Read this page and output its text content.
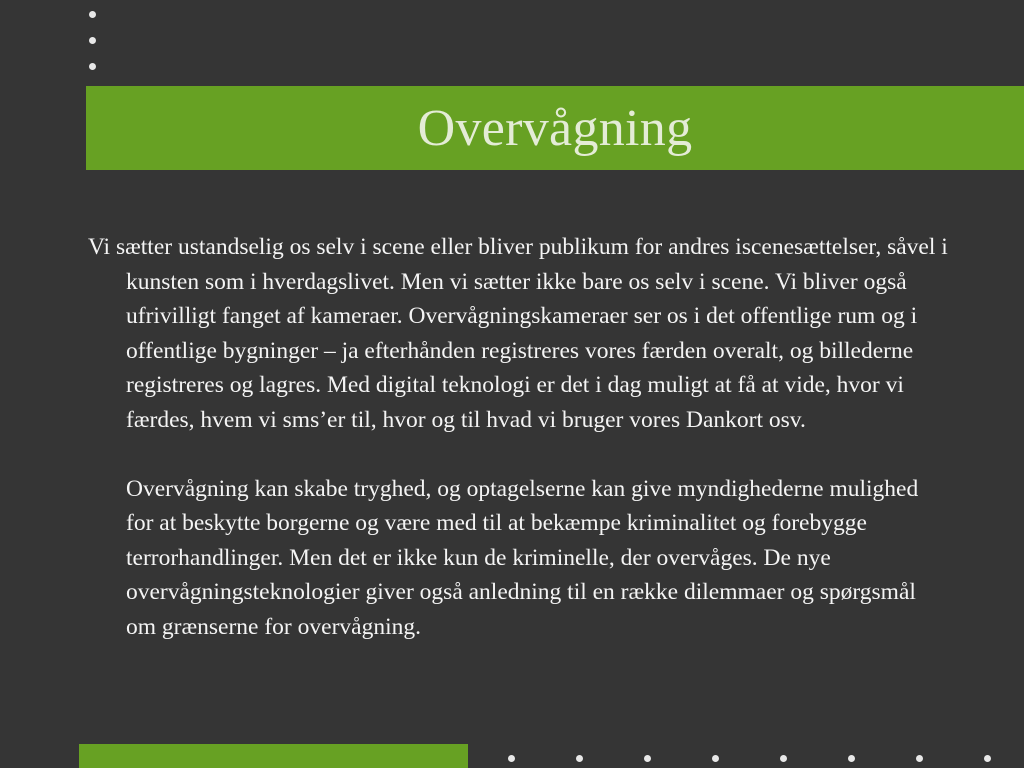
Overvågning

Vi sætter ustandselig os selv i scene eller bliver publikum for andres iscenesættelser, såvel i kunsten som i hverdagslivet. Men vi sætter ikke bare os selv i scene. Vi bliver også ufrivilligt fanget af kameraer. Overvågningskameraer ser os i det offentlige rum og i offentlige bygninger – ja efterhånden registreres vores færden overalt, og billederne registreres og lagres. Med digital teknologi er det i dag muligt at få at vide, hvor vi færdes, hvem vi sms’er til, hvor og til hvad vi bruger vores Dankort osv.

Overvågning kan skabe tryghed, og optagelserne kan give myndighederne mulighed for at beskytte borgerne og være med til at bekæmpe kriminalitet og forebygge terrorhandlinger. Men det er ikke kun de kriminelle, der overvåges. De nye overvågningsteknologier giver også anledning til en række dilemmaer og spørgsmål om grænserne for overvågning.
